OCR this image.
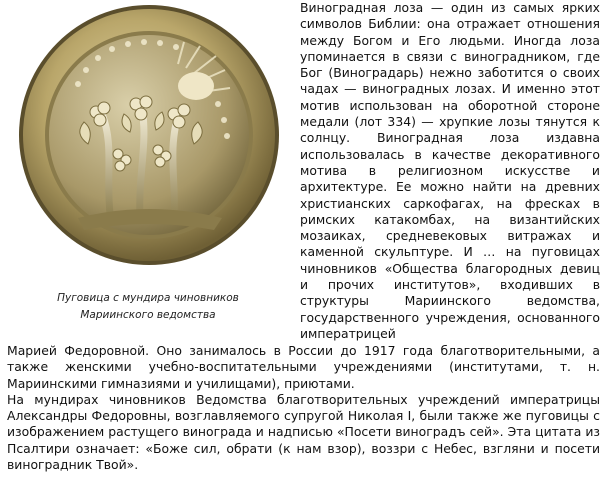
Пуговица с мундира чиновников
Мариинского ведомства

Виноградная лоза — один из самых ярких символов Библии: она отражает отношения между Богом и Его людьми. Иногда лоза упоминается в связи с виноградником, где Бог (Виноградарь) нежно заботится о своих чадах — виноградных лозах. И именно этот мотив использован на оборотной стороне медали (лот 334) — хрупкие лозы тянутся к солнцу. Виноградная лоза издавна использовалась в качестве декоративного мотива в религиозном искусстве и архитектуре. Ее можно найти на древних христианских саркофагах, на фресках в римских катакомбах, на византийских мозаиках, средневековых витражах и каменной скульптуре. И … на пуговицах чиновников «Общества благородных девиц и прочих институтов», входивших в структуры Мариинского ведомства, государственного учреждения, основанного императрицей

Марией Федоровной. Оно занималось в России до 1917 года благотворительными, а также женскими учебно-воспитательными учреждениями (институтами, т. н. Мариинскими гимназиями и училищами), приютами.

На мундирах чиновников Ведомства благотворительных учреждений императрицы Александры Федоровны, возглавляемого супругой Николая I, были также же пуговицы с изображением растущего винограда и надписью «Посети виноградъ сей». Эта цитата из Псалтири означает: «Боже сил, обрати (к нам взор), воззри с Небес, взгляни и посети виноградник Твой».
